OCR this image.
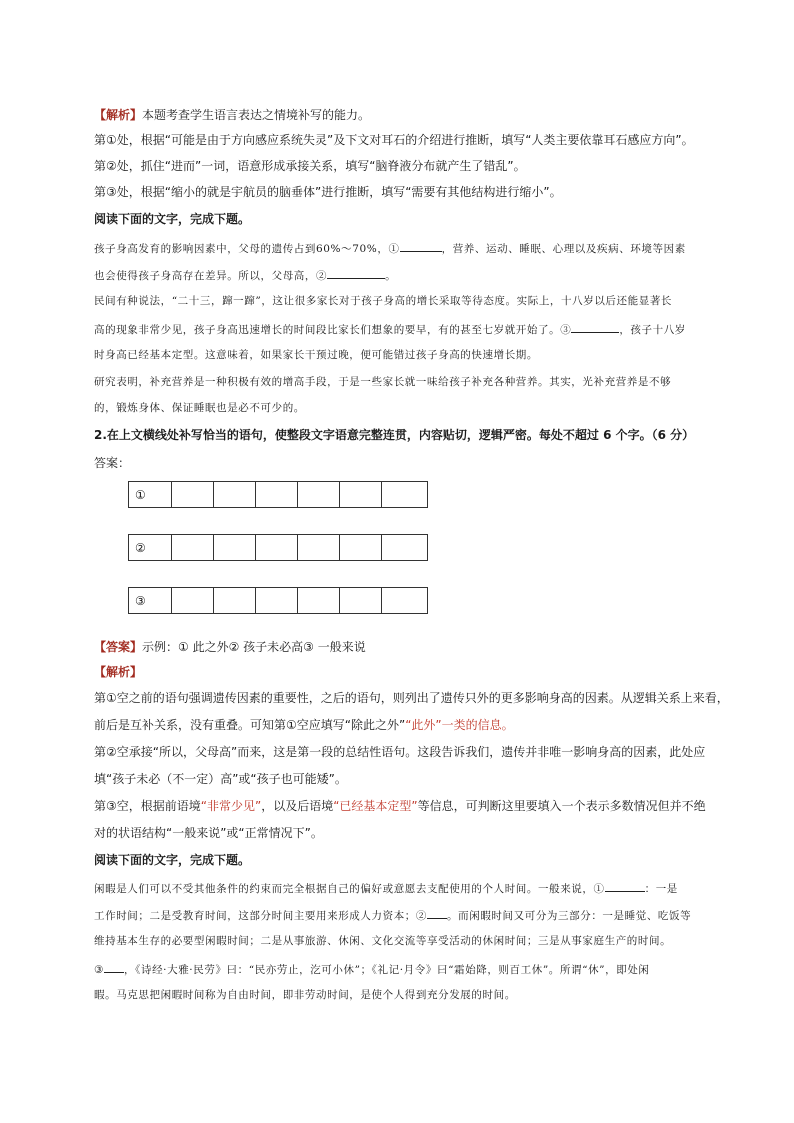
【解析】本题考查学生语言表达之情境补写的能力。
第①处，根据“可能是由于方向感应系统失灵”及下文对耳石的介绍进行推断，填写“人类主要依靠耳石感应方向”。
第②处，抓住“进而”一词，语意形成承接关系，填写“脑脊液分布就产生了错乱”。
第③处，根据“缩小的就是宇航员的脑垂体”进行推断，填写“需要有其他结构进行缩小”。
阅读下面的文字，完成下题。
孩子身高发育的影响因素中，父母的遗传占到60%～70%，①	，营养、运动、睡眠、心理以及疾病、环境等因素
也会使得孩子身高存在差异。所以，父母高，②	。
民间有种说法，“二十三，蹿一蹿”，这让很多家长对于孩子身高的增长采取等待态度。实际上，十八岁以后还能显著长
高的现象非常少见，孩子身高迅速增长的时间段比家长们想象的要早，有的甚至七岁就开始了。③	，孩子十八岁
时身高已经基本定型。这意味着，如果家长干预过晚，便可能错过孩子身高的快速增长期。
研究表明，补充营养是一种积极有效的增高手段，于是一些家长就一味给孩子补充各种营养。其实，光补充营养是不够
的，锻炼身体、保证睡眠也是必不可少的。
2.在上文横线处补写恰当的语句，使整段文字语意完整连贯，内容贴切，逻辑严密。每处不超过 6 个字。（6 分）
答案：
①
②
③
【答案】示例：① 此之外② 孩子未必高③ 一般来说
【解析】
第①空之前的语句强调遗传因素的重要性，之后的语句，则列出了遗传只外的更多影响身高的因素。从逻辑关系上来看，
前后是互补关系，没有重叠。可知第①空应填写“除此之外”“此外”一类的信息。
第②空承接“所以，父母高”而来，这是第一段的总结性语句。这段告诉我们，遗传并非唯一影响身高的因素，此处应
填“孩子未必（不一定）高”或“孩子也可能矮”。
第③空，根据前语境“非常少见”，以及后语境“已经基本定型”等信息，可判断这里要填入一个表示多数情况但并不绝
对的状语结构“一般来说”或“正常情况下”。
阅读下面的文字，完成下题。
闲暇是人们可以不受其他条件的约束而完全根据自己的偏好或意愿去支配使用的个人时间。一般来说，①	：一是
工作时间；二是受教育时间，这部分时间主要用来形成人力资本；② 。而闲暇时间又可分为三部分：一是睡觉、吃饭等
维持基本生存的必要型闲暇时间；二是从事旅游、休闲、文化交流等享受活动的休闲时间；三是从事家庭生产的时间。
③ ，《诗经·大雅·民劳》曰：“民亦劳止，汔可小休”；《礼记·月令》曰“霜始降，则百工休”。所谓“休”，即处闲
暇。马克思把闲暇时间称为自由时间，即非劳动时间，是使个人得到充分发展的时间。
